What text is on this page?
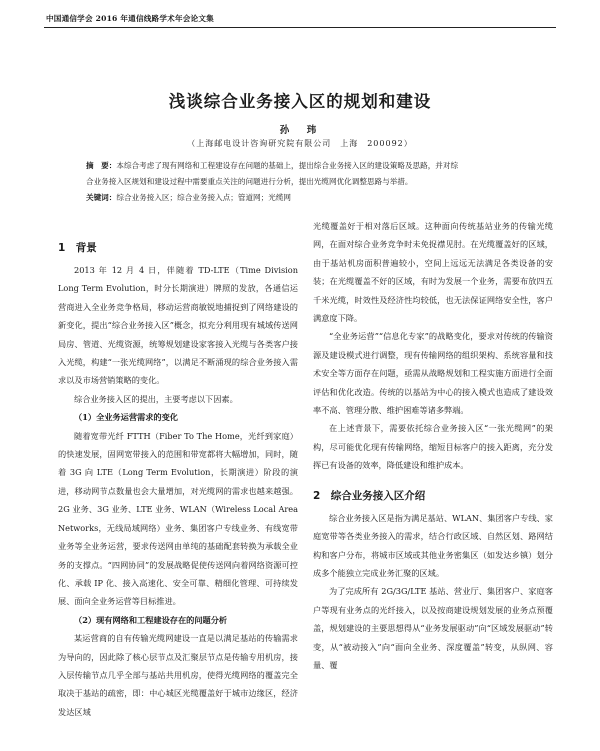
中国通信学会 2016 年通信线路学术年会论文集
浅谈综合业务接入区的规划和建设
孙　玮
（上海邮电设计咨询研究院有限公司　上海　200092）
摘　要：本综合考虑了现有网络和工程建设存在问题的基础上，提出综合业务接入区的建设策略及思路，并对综
合业务接入区规划和建设过程中需要重点关注的问题进行分析，提出光缆网优化调整思路与举措。
关键词：综合业务接入区；综合业务接入点；管道网；光缆网
1　背景

2013 年 12 月 4 日，伴随着 TD-LTE（Time Division Long Term Evolution，时分长期演进）牌照的发放，各通信运营商进入全业务竞争格局，移动运营商敏锐地捕捉到了网络建设的新变化，提出“综合业务接入区”概念，拟充分利用现有城域传送网局房、管道、光缆资源，统筹规划建设家客接入光缆与各类客户接入光缆，构建“一张光缆网络”，以满足不断涌现的综合业务接入需求以及市场营销策略的变化。

综合业务接入区的提出，主要考虑以下因素。

（1）全业务运营需求的变化

随着宽带光纤 FTTH（Fiber To The Home，光纤到家庭）的快速发展，固网宽带接入的范围和带宽都将大幅增加，同时，随着 3G 向 LTE（Long Term Evolution，长期演进）阶段的演进，移动网节点数量也会大量增加，对光缆网的需求也越来越强。2G 业务、3G 业务、LTE 业务、WLAN（Wireless Local Area Networks，无线局域网络）业务、集团客户专线业务、有线宽带业务等全业务运营，要求传送网由单纯的基础配套转换为承载全业务的支撑点。“四网协同”的发展战略促使传送网向着网络资源可控化、承载 IP 化、接入高速化、安全可靠、精细化管理、可持续发展、面向全业务运营等目标推进。

（2）现有网络和工程建设存在的问题分析

某运营商的自有传输光缆网建设一直是以满足基站的传输需求为导向的，因此除了核心层节点及汇聚层节点是传输专用机房，接入层传输节点几乎全部与基站共用机房，使得光缆网络的覆盖完全取决于基站的疏密，即：中心城区光缆覆盖好于城市边缘区，经济发达区域

光缆覆盖好于相对落后区域。这种面向传统基站业务的传输光缆网，在面对综合业务竞争时未免捉襟见肘。在光缆覆盖好的区域，由于基站机房面积普遍较小，空间上远远无法满足各类设备的安装；在光缆覆盖不好的区域，有时为发展一个业务，需要布放四五千米光缆，时效性及经济性均较低，也无法保证网络安全性，客户满意度下降。

“全业务运营”“信息化专家”的战略变化，要求对传统的传输资源及建设模式进行调整，现有传输网络的组织架构、系统容量和技术安全等方面存在问题，亟需从战略规划和工程实施方面进行全面评估和优化改造。传统的以基站为中心的接入模式也造成了建设效率不高、管理分散、维护困难等诸多弊端。

在上述背景下，需要依托综合业务接入区“一张光缆网”的架构，尽可能优化现有传输网络，缩短目标客户的接入距离，充分发挥已有设备的效率，降低建设和维护成本。

2　综合业务接入区介绍

综合业务接入区是指为满足基站、WLAN、集团客户专线、家庭宽带等各类业务接入的需求，结合行政区域、自然区划、路网结构和客户分布，将城市区域或其他业务密集区（如发达乡镇）划分成多个能独立完成业务汇聚的区域。

为了完成所有 2G/3G/LTE 基站、营业厅、集团客户、家庭客户等现有业务点的光纤接入，以及按商建设规划发展的业务点预覆盖，规划建设的主要思想得从“业务发展驱动”向“区域发展驱动”转变，从“被动接入”向“面向全业务、深度覆盖”转变，从纵网、容量、覆
